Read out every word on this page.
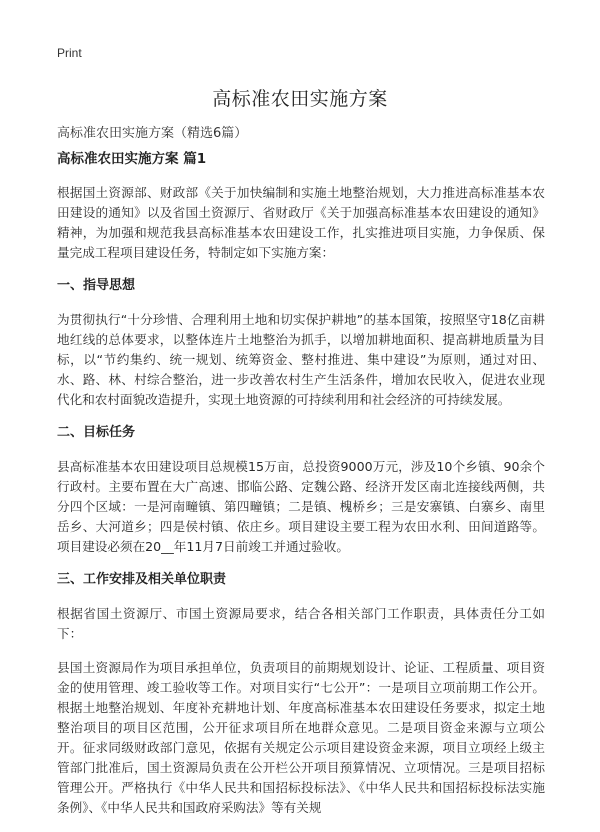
Print
高标准农田实施方案
高标准农田实施方案（精选6篇）
高标准农田实施方案 篇1

根据国土资源部、财政部《关于加快编制和实施土地整治规划，大力推进高标准基本农田建设的通知》以及省国土资源厅、省财政厅《关于加强高标准基本农田建设的通知》精神，为加强和规范我县高标准基本农田建设工作，扎实推进项目实施，力争保质、保量完成工程项目建设任务，特制定如下实施方案：

一、指导思想

为贯彻执行“十分珍惜、合理利用土地和切实保护耕地”的基本国策，按照坚守18亿亩耕地红线的总体要求，以整体连片土地整治为抓手，以增加耕地面积、提高耕地质量为目标，以“节约集约、统一规划、统筹资金、整村推进、集中建设”为原则，通过对田、水、路、林、村综合整治，进一步改善农村生产生活条件，增加农民收入，促进农业现代化和农村面貌改造提升，实现土地资源的可持续利用和社会经济的可持续发展。

二、目标任务

县高标准基本农田建设项目总规模15万亩，总投资9000万元，涉及10个乡镇、90余个行政村。主要布置在大广高速、邯临公路、定魏公路、经济开发区南北连接线两侧，共分四个区域：一是河南疃镇、第四疃镇；二是镇、槐桥乡；三是安寨镇、白寨乡、南里岳乡、大河道乡；四是侯村镇、依庄乡。项目建设主要工程为农田水利、田间道路等。项目建设必须在20__年11月7日前竣工并通过验收。

三、工作安排及相关单位职责

根据省国土资源厅、市国土资源局要求，结合各相关部门工作职责，具体责任分工如下：

县国土资源局作为项目承担单位，负责项目的前期规划设计、论证、工程质量、项目资金的使用管理、竣工验收等工作。对项目实行“七公开”：一是项目立项前期工作公开。根据土地整治规划、年度补充耕地计划、年度高标准基本农田建设任务要求，拟定土地整治项目的项目区范围，公开征求项目所在地群众意见。二是项目资金来源与立项公开。征求同级财政部门意见，依据有关规定公示项目建设资金来源，项目立项经上级主管部门批准后，国土资源局负责在公开栏公开项目预算情况、立项情况。三是项目招标管理公开。严格执行《中华人民共和国招标投标法》、《中华人民共和国招标投标法实施条例》、《中华人民共和国政府采购法》等有关规
